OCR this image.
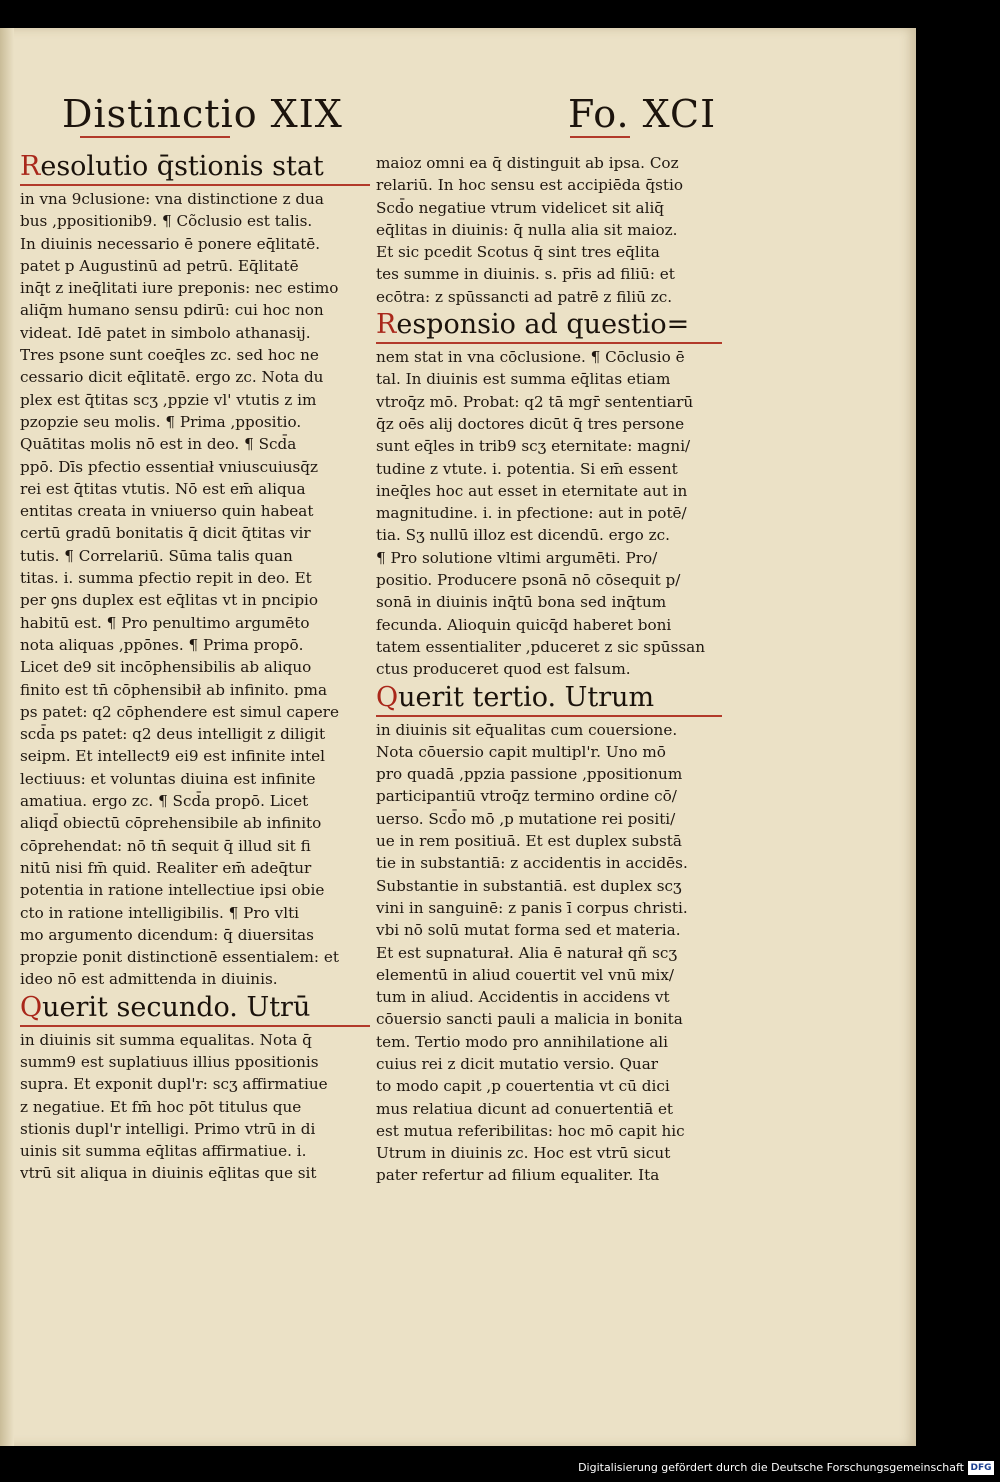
Distinctio XIX	Fo. XCI
Resolutio q̄stionis stat
in vna 9clusione: vna distinctione z dua
bus ,ppositionib9. ¶ Cõclusio est talis.
In diuinis necessario ē ponere eq̄litatē.
patet p Augustinū ad petrū. Eq̄litatē
inq̄t z ineq̄litati iure preponis: nec estimo
aliq̄m humano sensu pdirū: cui hoc non
videat. Idē patet in simbolo athanasij.
Tres psone sunt coeq̄les zc. sed hoc ne
cessario dicit eq̄litatē. ergo zc. Nota du
plex est q̄titas scʒ ,ppzie vl' vtutis z im
pzopzie seu molis. ¶ Prima ,ppositio.
Quātitas molis nō est in deo. ¶ Scd̄a
ppō. Dīs pfectio essentiał vniuscuiusq̄z
rei est q̄titas vtutis. Nō est em̄ aliqua
entitas creata in vniuerso quin habeat
certū gradū bonitatis q̄ dicit q̄titas vir
tutis. ¶ Correlariū. Sūma talis quan
titas. i. summa pfectio repit in deo. Et
per ꝯns duplex est eq̄litas vt in pncipio
habitū est. ¶ Pro penultimo argumēto
nota aliquas ,ppōnes. ¶ Prima propō.
Licet de9 sit incōphensibilis ab aliquo
finito est tn̄ cōphensibił ab infinito. pma
ps patet: q2 cōphendere est simul capere
scd̄a ps patet: q2 deus intelligit z diligit
seipm. Et intellect9 ei9 est infinite intel
lectiuus: et voluntas diuina est infinite
amatiua. ergo zc. ¶ Scd̄a propō. Licet
aliqd̄ obiectū cōprehensibile ab infinito
cōprehendat: nō tn̄ sequit q̄ illud sit fi
nitū nisi fm̄ quid. Realiter em̄ adeq̄tur
potentia in ratione intellectiue ipsi obie
cto in ratione intelligibilis. ¶ Pro vlti
mo argumento dicendum: q̄ diuersitas
propzie ponit distinctionē essentialem: et
ideo nō est admittenda in diuinis.
Querit secundo. Utrū
in diuinis sit summa equalitas. Nota q̄
summ9 est suplatiuus illius ppositionis
supra. Et exponit dupl'r: scʒ affirmatiue
z negatiue. Et fm̄ hoc pōt titulus que
stionis dupl'r intelligi. Primo vtrū in di
uinis sit summa eq̄litas affirmatiue. i.
vtrū sit aliqua in diuinis eq̄litas que sit
maioz omni ea q̄ distinguit ab ipsa. Coz
relariū. In hoc sensu est accipiēda q̄stio
Scd̄o negatiue vtrum videlicet sit aliq̄
eq̄litas in diuinis: q̄ nulla alia sit maioz.
Et sic pcedit Scotus q̄ sint tres eq̄lita
tes summe in diuinis. s. pr̄is ad filiū: et
ecōtra: z spūssancti ad patrē z filiū zc.
Responsio ad questio=
nem stat in vna cōclusione. ¶ Cōclusio ē
tal. In diuinis est summa eq̄litas etiam
vtroq̄z mō. Probat: q2 tā mgr̄ sententiarū
q̄z oēs alij doctores dicūt q̄ tres persone
sunt eq̄les in trib9 scʒ eternitate: magni/
tudine z vtute. i. potentia. Si em̄ essent
ineq̄les hoc aut esset in eternitate aut in
magnitudine. i. in pfectione: aut in potē/
tia. Sʒ nullū illoz est dicendū. ergo zc.
¶ Pro solutione vltimi argumēti. Pro/
positio. Producere psonā nō cōsequit p/
sonā in diuinis inq̄tū bona sed inq̄tum
fecunda. Alioquin quicq̄d haberet boni
tatem essentialiter ,pduceret z sic spūssan
ctus produceret quod est falsum.
Querit tertio. Utrum
in diuinis sit eq̄ualitas cum couersione.
Nota cōuersio capit multipl'r. Uno mō
pro quadā ,ppzia passione ,ppositionum
participantiū vtroq̄z termino ordine cō/
uerso. Scd̄o mō ,p mutatione rei positi/
ue in rem positiuā. Et est duplex substā
tie in substantiā: z accidentis in accidēs.
Substantie in substantiā. est duplex scʒ
vini in sanguinē: z panis ī corpus christi.
vbi nō solū mutat forma sed et materia.
Et est supnaturał. Alia ē naturał qñ scʒ
elementū in aliud couertit vel vnū mix/
tum in aliud. Accidentis in accidens vt
cōuersio sancti pauli a malicia in bonita
tem. Tertio modo pro annihilatione ali
cuius rei z dicit mutatio versio. Quar
to modo capit ,p couertentia vt cū dici
mus relatiua dicunt ad conuertentiā et
est mutua referibilitas: hoc mō capit hic
Utrum in diuinis zc. Hoc est vtrū sicut
pater refertur ad filium equaliter. Ita
Digitalisierung gefördert durch die Deutsche Forschungsgemeinschaft DFG
